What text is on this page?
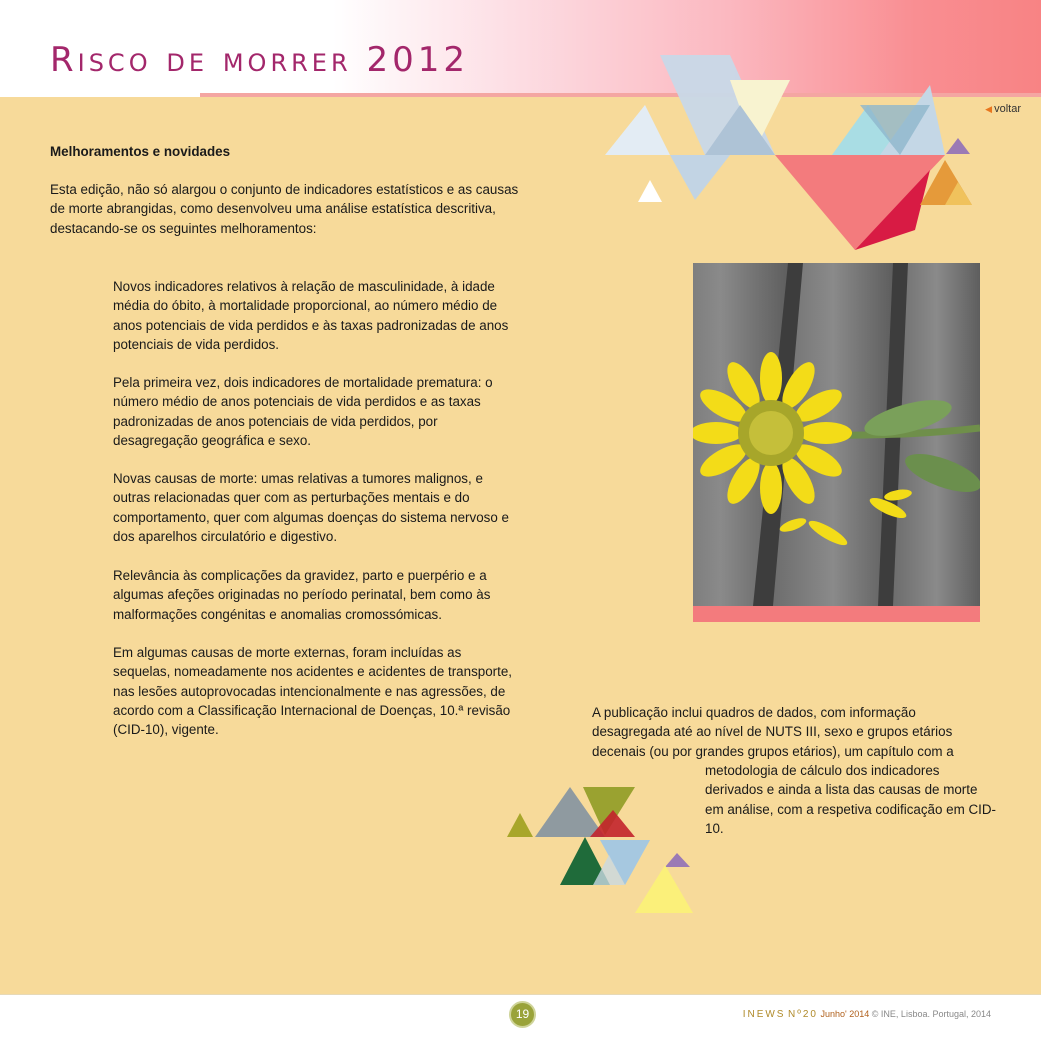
Risco de morrer 2012
◀ voltar
Melhoramentos e novidades
Esta edição, não só alargou o conjunto de indicadores estatísticos e as causas de morte abrangidas, como desenvolveu uma análise estatística descritiva, destacando-se os seguintes melhoramentos:
Novos indicadores relativos à relação de masculinidade, à idade média do óbito, à mortalidade proporcional, ao número médio de anos potenciais de vida perdidos e às taxas padronizadas de anos potenciais de vida perdidos.
Pela primeira vez, dois indicadores de mortalidade prematura: o número médio de anos potenciais de vida perdidos e as taxas padronizadas de anos potenciais de vida perdidos, por desagregação geográfica e sexo.
Novas causas de morte: umas relativas a tumores malignos, e outras relacionadas quer com as perturbações mentais e do comportamento, quer com algumas doenças do sistema nervoso e dos aparelhos circulatório e digestivo.
Relevância às complicações da gravidez, parto e puerpério e a algumas afeções originadas no período perinatal, bem como às malformações congénitas e anomalias cromossómicas.
Em algumas causas de morte externas, foram incluídas as sequelas, nomeadamente nos acidentes e acidentes de transporte, nas lesões autoprovocadas intencionalmente e nas agressões, de acordo com a Classificação Internacional de Doenças, 10.ª revisão (CID-10), vigente.
A publicação inclui quadros de dados, com informação desagregada até ao nível de NUTS III, sexo e grupos etários decenais (ou por grandes grupos etários), um capítulo com a
metodologia de cálculo dos indicadores derivados e ainda a lista das causas de morte em análise, com a respetiva codificação em CID-10.
19	INEWS Nº20 Junho' 2014 © INE, Lisboa. Portugal, 2014
